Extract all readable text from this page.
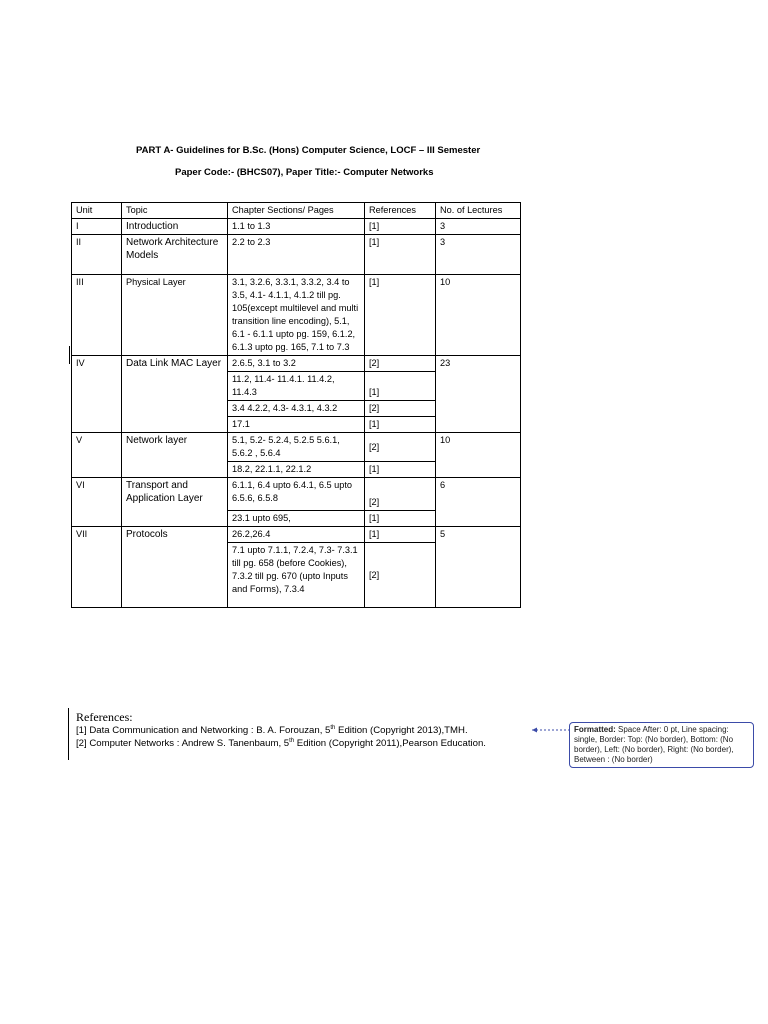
PART A- Guidelines for B.Sc. (Hons) Computer Science, LOCF – III Semester
Paper Code:- (BHCS07), Paper Title:- Computer Networks
Unit	Topic	Chapter Sections/ Pages	References	No. of Lectures
I	Introduction	1.1 to 1.3	[1]	3
II	Network Architecture Models	2.2 to 2.3	[1]	3
III	Physical Layer	3.1, 3.2.6, 3.3.1, 3.3.2, 3.4 to 3.5, 4.1- 4.1.1, 4.1.2 till pg. 105(except multilevel and multi transition line encoding), 5.1, 6.1 - 6.1.1 upto pg. 159, 6.1.2, 6.1.3 upto pg. 165, 7.1 to 7.3	[1]	10
IV	Data Link MAC Layer	2.6.5, 3.1 to 3.2	[2]	23
		11.2, 11.4- 11.4.1. 11.4.2, 11.4.3	[1]	
		3.4 4.2.2, 4.3- 4.3.1, 4.3.2	[2]	
		17.1	[1]	
V	Network layer	5.1, 5.2- 5.2.4, 5.2.5 5.6.1, 5.6.2 , 5.6.4	[2]	10
		18.2, 22.1.1, 22.1.2	[1]	
VI	Transport and Application Layer	6.1.1, 6.4 upto 6.4.1, 6.5 upto 6.5.6, 6.5.8	[2]	6
		23.1 upto 695,	[1]	
VII	Protocols	26.2,26.4	[1]	5
		7.1 upto 7.1.1, 7.2.4, 7.3- 7.3.1 till pg. 658 (before Cookies), 7.3.2 till pg. 670 (upto Inputs and Forms), 7.3.4	[2]	
References:
[1] Data Communication and Networking : B. A. Forouzan, 5th Edition (Copyright 2013),TMH.
[2] Computer Networks : Andrew S. Tanenbaum, 5th Edition (Copyright 2011),Pearson Education.
Formatted: Space After: 0 pt, Line spacing: single, Border: Top: (No border), Bottom: (No border), Left: (No border), Right: (No border), Between : (No border)
